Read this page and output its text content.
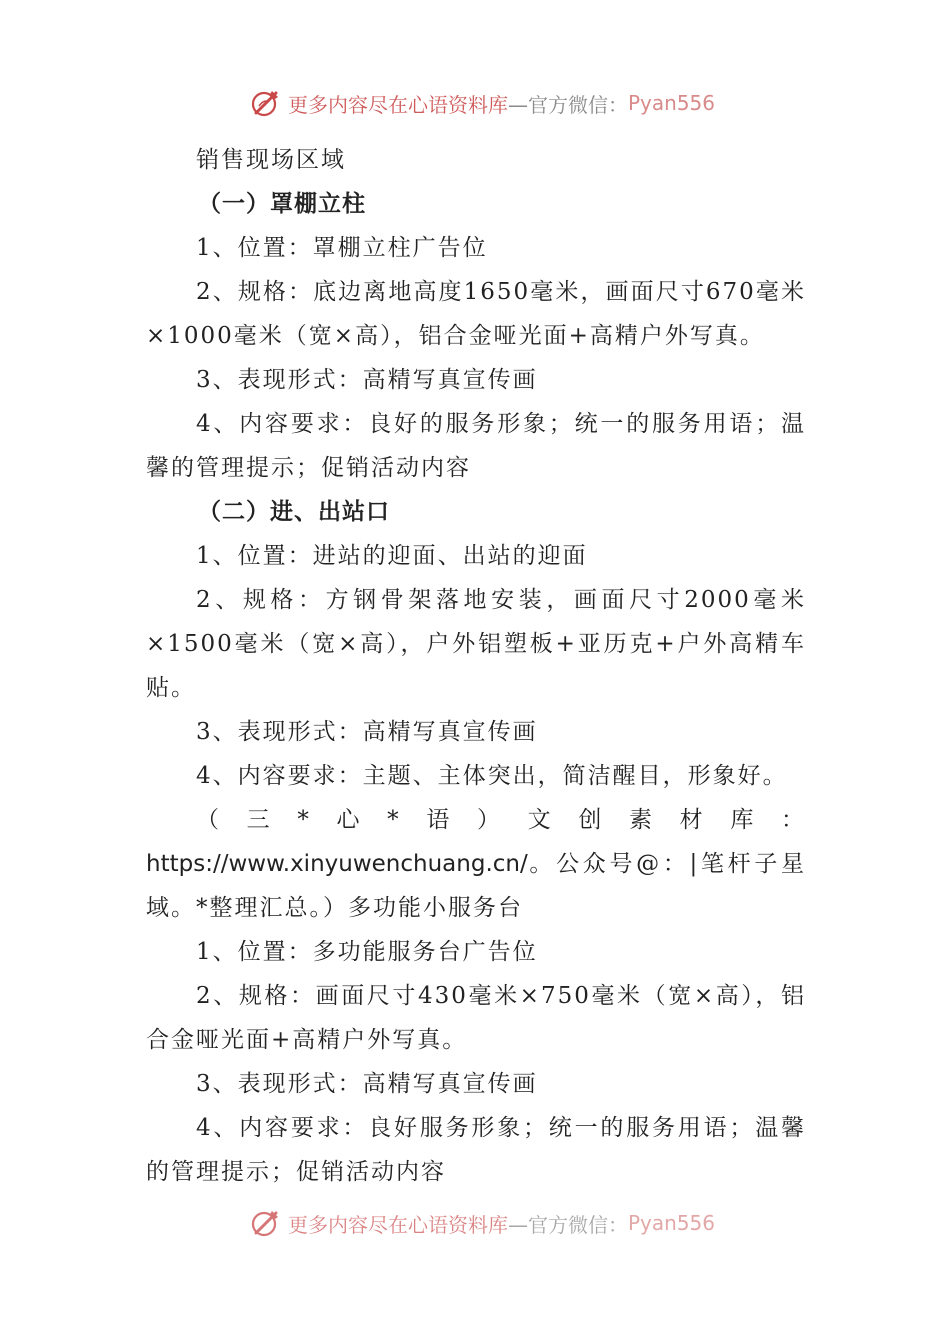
更多内容尽在心语资料库 —官方微信： Pyan556

销售现场区域

（一）罩棚立柱

1、位置：罩棚立柱广告位

2、规格：底边离地高度1650毫米，画面尺寸670毫米×1000毫米（宽×高），铝合金哑光面+高精户外写真。

3、表现形式：高精写真宣传画

4、内容要求：良好的服务形象；统一的服务用语；温馨的管理提示；促销活动内容

（二）进、出站口

1、位置：进站的迎面、出站的迎面

2、规格：方钢骨架落地安装，画面尺寸2000毫米×1500毫米（宽×高），户外铝塑板+亚历克+户外高精车贴。

3、表现形式：高精写真宣传画

4、内容要求：主题、主体突出，简洁醒目，形象好。

（三*心*语）文创素材库：https://www.xinyuwenchuang.cn/。公众号@：|笔杆子星域。*整理汇总。）多功能小服务台

1、位置：多功能服务台广告位

2、规格：画面尺寸430毫米×750毫米（宽×高），铝合金哑光面+高精户外写真。

3、表现形式：高精写真宣传画

4、内容要求：良好服务形象；统一的服务用语；温馨的管理提示；促销活动内容

更多内容尽在心语资料库 —官方微信： Pyan556
